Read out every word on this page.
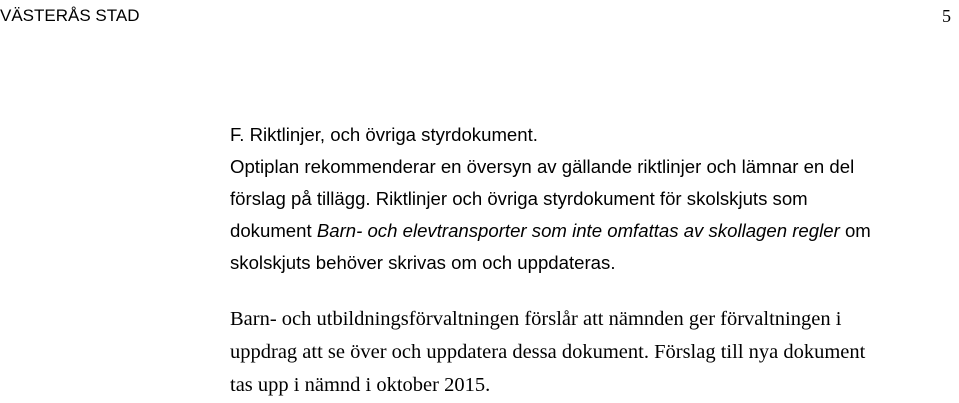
VÄSTERÅS STAD	5
F. Riktlinjer, och övriga styrdokument.
Optiplan rekommenderar en översyn av gällande riktlinjer och lämnar en del
förslag på tillägg. Riktlinjer och övriga styrdokument för skolskjuts som
dokument Barn- och elevtransporter som inte omfattas av skollagen regler om
skolskjuts behöver skrivas om och uppdateras.
Barn- och utbildningsförvaltningen förslår att nämnden ger förvaltningen i
uppdrag att se över och uppdatera dessa dokument. Förslag till nya dokument
tas upp i nämnd i oktober 2015.
